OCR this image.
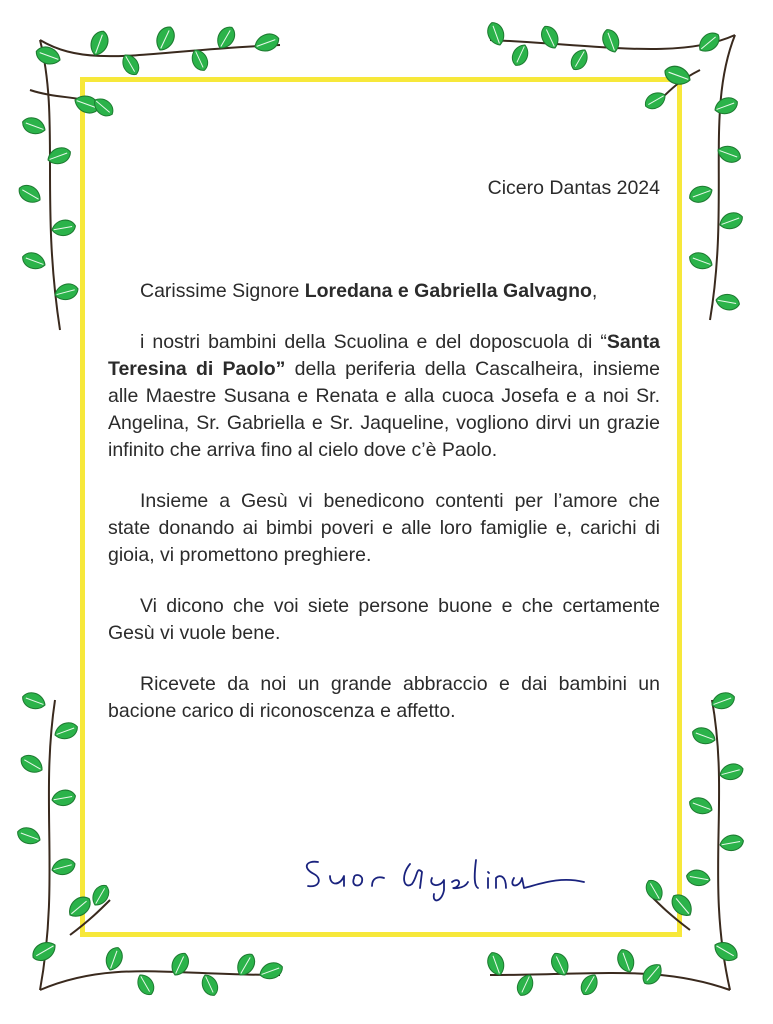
Cicero Dantas 2024

Carissime Signore Loredana e Gabriella Galvagno,

i nostri bambini della Scuolina e del doposcuola di “Santa Teresina di Paolo” della periferia della Cascalheira, insieme alle Maestre Susana e Renata e alla cuoca Josefa e a noi Sr. Angelina, Sr. Gabriella e Sr. Jaqueline, vogliono dirvi un grazie infinito che arriva fino al cielo dove c’è Paolo.

Insieme a Gesù vi benedicono contenti per l’amore che state donando ai bimbi poveri e alle loro famiglie e, carichi di gioia, vi promettono preghiere.

Vi dicono che voi siete persone buone e che certamente Gesù vi vuole bene.

Ricevete da noi un grande abbraccio e dai bambini un bacione carico di riconoscenza e affetto.
